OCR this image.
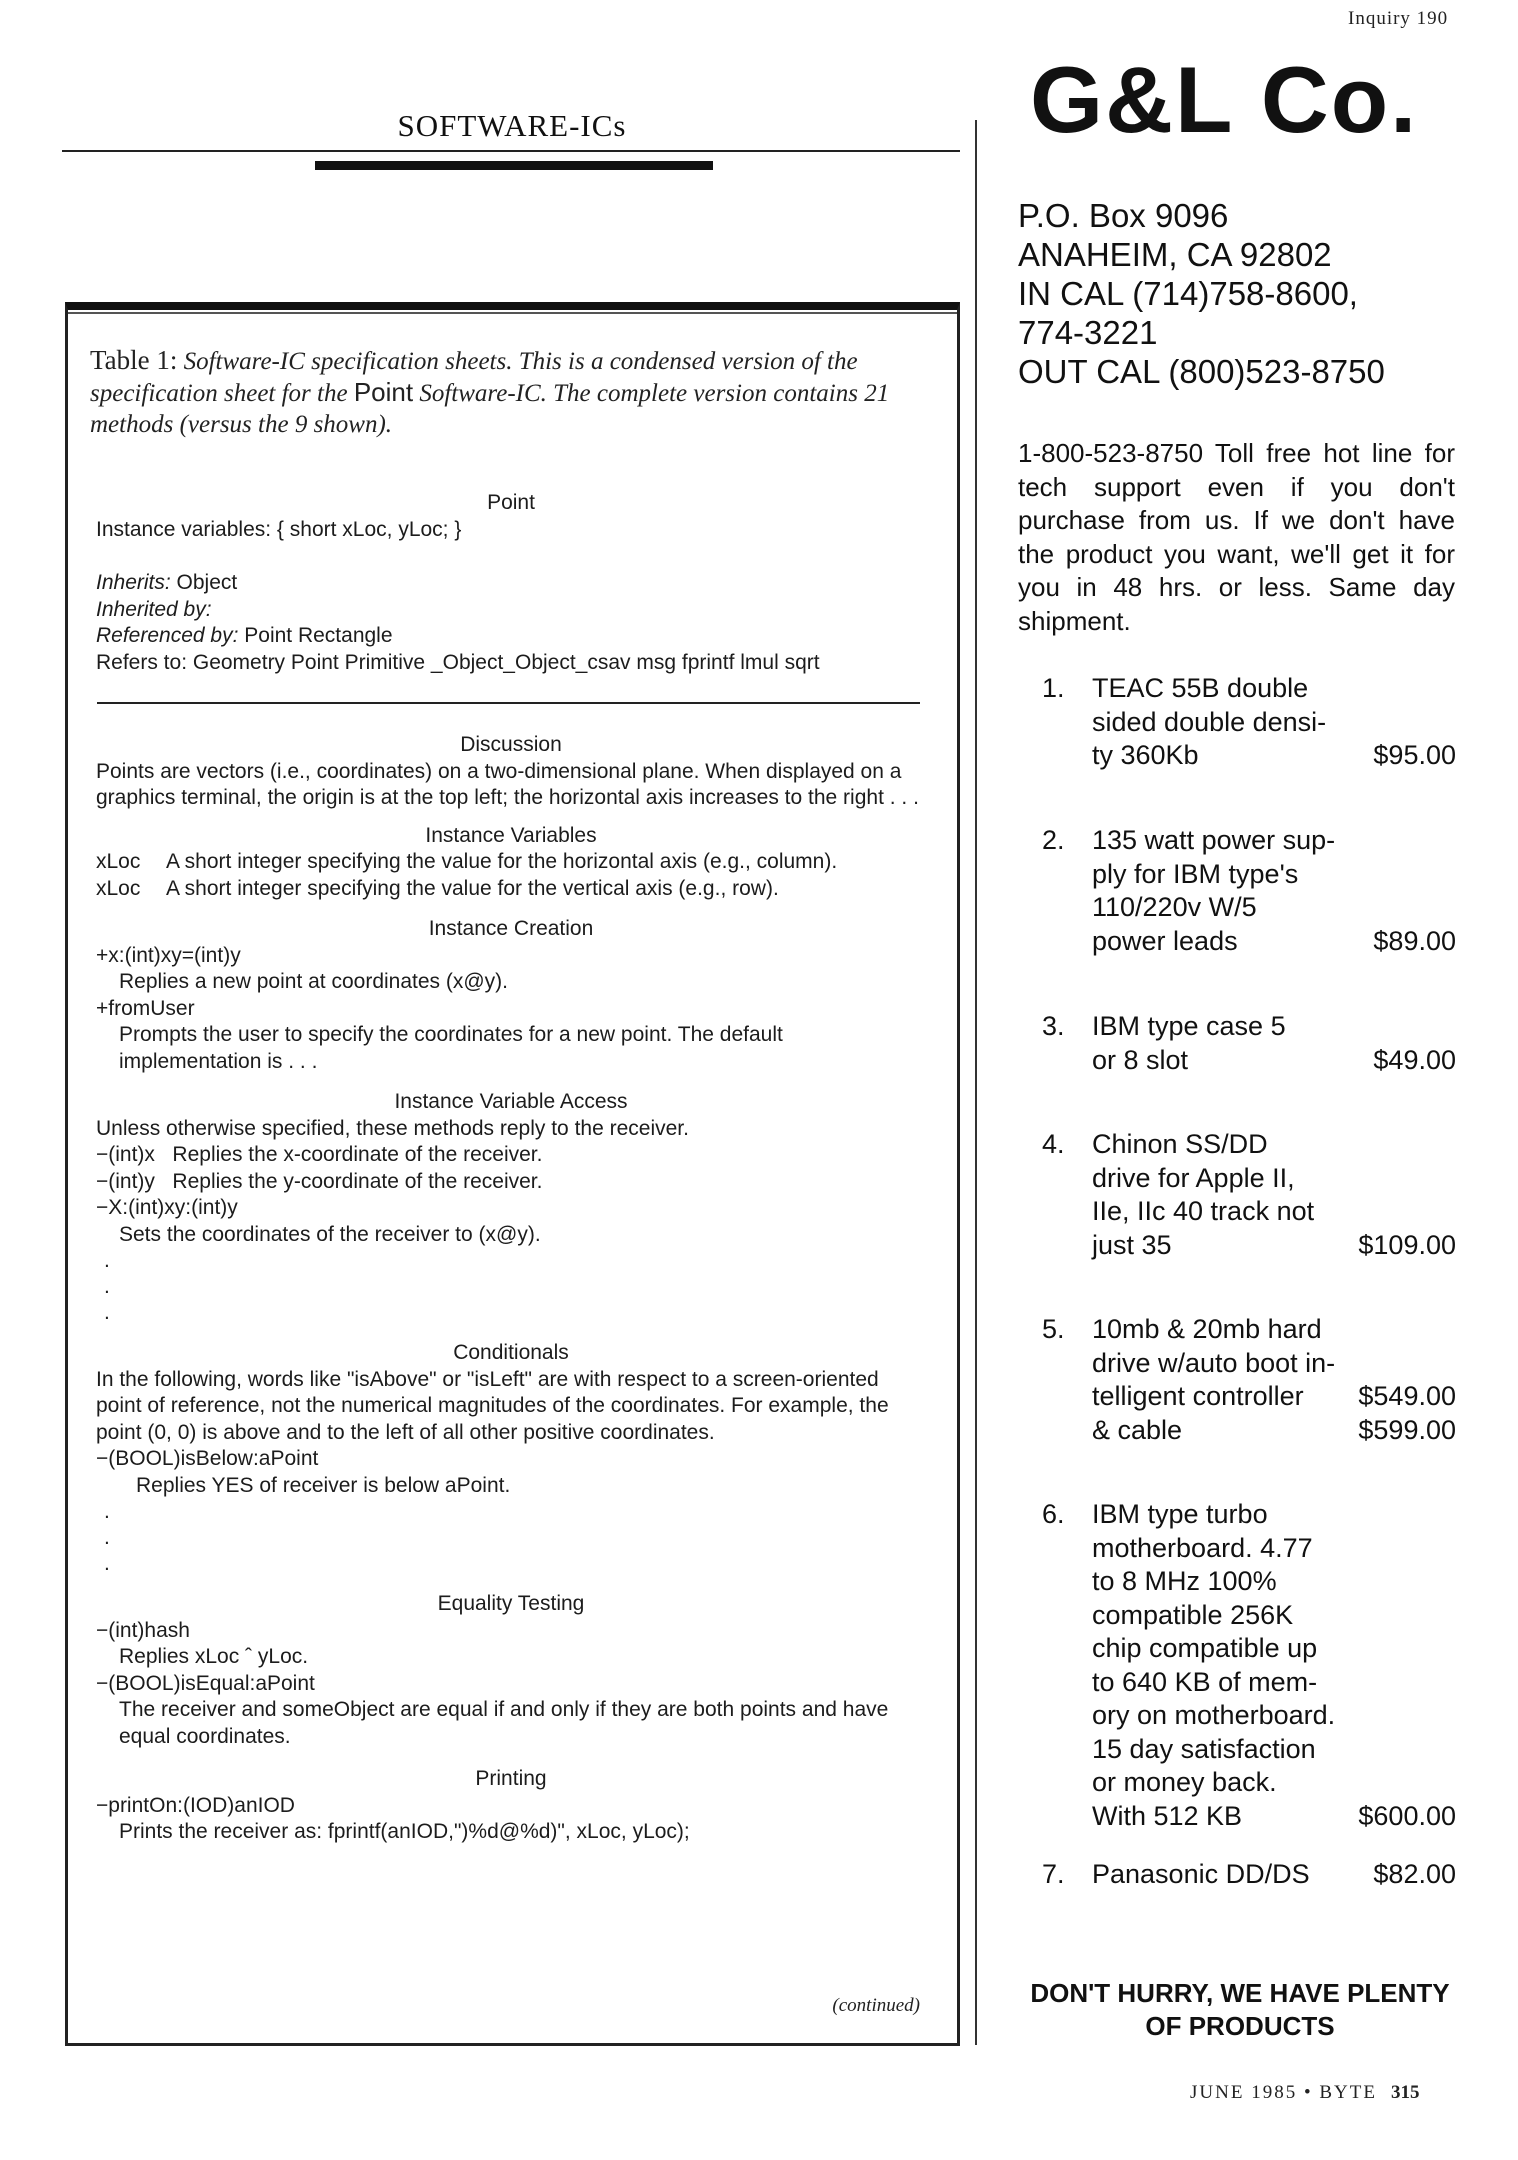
Inquiry 190
SOFTWARE-ICs
Table 1: Software-IC specification sheets. This is a condensed version of the specification sheet for the Point Software-IC. The complete version contains 21 methods (versus the 9 shown).

Point

Instance variables: { short xLoc, yLoc; }

Inherits: Object

Inherited by:

Referenced by: Point Rectangle

Refers to: Geometry Point Primitive _Object_Object_csav msg fprintf lmul sqrt

Discussion

Points are vectors (i.e., coordinates) on a two-dimensional plane. When displayed on a graphics terminal, the origin is at the top left; the horizontal axis increases to the right . . .

Instance Variables

xLoc A short integer specifying the value for the horizontal axis (e.g., column).

xLoc A short integer specifying the value for the vertical axis (e.g., row).

Instance Creation

+x:(int)xy=(int)y

Replies a new point at coordinates (x@y).

+fromUser

Prompts the user to specify the coordinates for a new point. The default implementation is . . .

Instance Variable Access

Unless otherwise specified, these methods reply to the receiver.

−(int)x   Replies the x-coordinate of the receiver.

−(int)y   Replies the y-coordinate of the receiver.

−X:(int)xy:(int)y

Sets the coordinates of the receiver to (x@y).

.

.

.

Conditionals

In the following, words like "isAbove" or "isLeft" are with respect to a screen-oriented point of reference, not the numerical magnitudes of the coordinates. For example, the point (0, 0) is above and to the left of all other positive coordinates.

−(BOOL)isBelow:aPoint

Replies YES of receiver is below aPoint.

.

.

.

Equality Testing

−(int)hash

Replies xLoc ˆ yLoc.

−(BOOL)isEqual:aPoint

The receiver and someObject are equal if and only if they are both points and have equal coordinates.

Printing

−printOn:(IOD)anIOD

Prints the receiver as: fprintf(anIOD,")%d@%d)", xLoc, yLoc);

(continued)
G&L Co.

P.O. Box 9096

ANAHEIM, CA 92802

IN CAL (714)758-8600,

774-3221

OUT CAL (800)523-8750

1-800-523-8750 Toll free hot line for tech support even if you don't purchase from us. If we don't have the product you want, we'll get it for you in 48 hrs. or less. Same day shipment.
1. TEAC 55B double

sided double densi-

ty 360Kb	$95.00

2. 135 watt power sup-

ply for IBM type's

110/220v W/5

power leads	$89.00

3. IBM type case 5

or 8 slot	$49.00

4. Chinon SS/DD

drive for Apple II,

IIe, IIc 40 track not

just 35	$109.00

5. 10mb & 20mb hard

drive w/auto boot in-

telligent controller $549.00

& cable	$599.00

6. IBM type turbo

motherboard. 4.77

to 8 MHz 100%

compatible 256K

chip compatible up

to 640 KB of mem-

ory on motherboard.

15 day satisfaction

or money back.

With 512 KB	$600.00

7. Panasonic DD/DS $82.00

DON'T HURRY, WE HAVE PLENTY
OF PRODUCTS
JUNE 1985 • BYTE 315
